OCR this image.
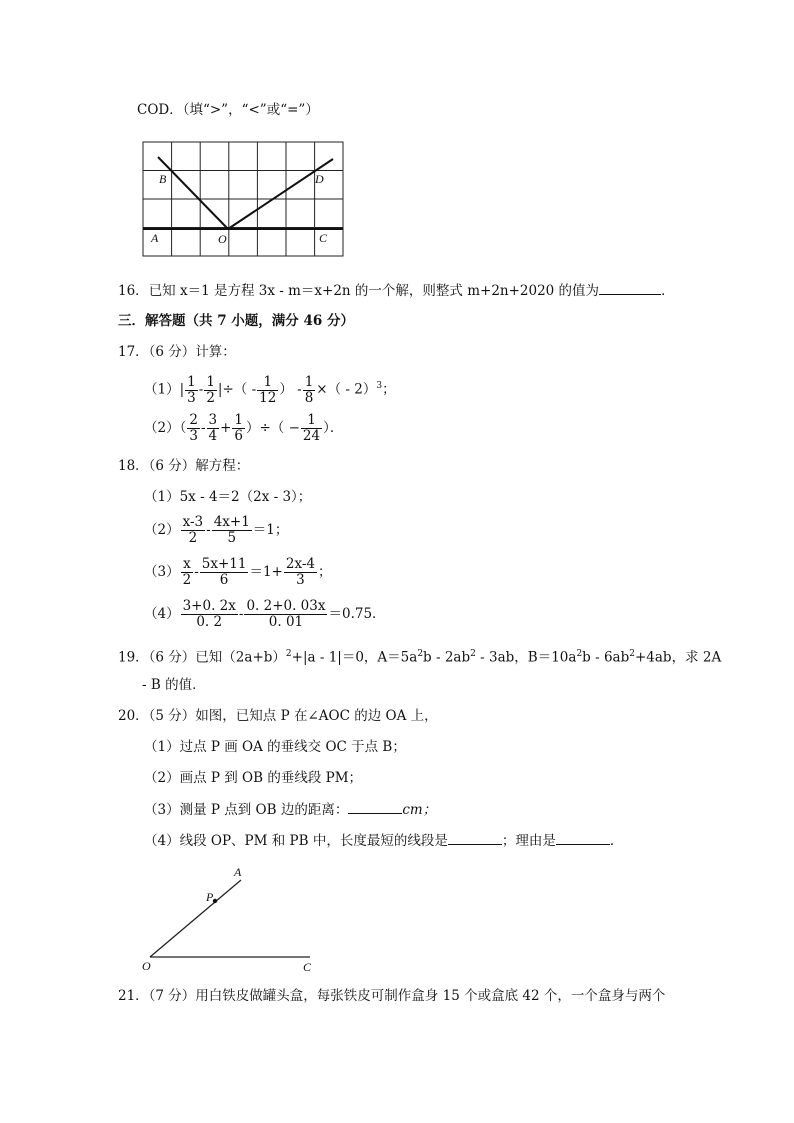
COD．（填“>”，“<”或“=”）
B	D
A	O	C
16．已知 x＝1 是方程 3x - m＝x+2n 的一个解，则整式 m+2n+2020 的值为	．
三．解答题（共 7 小题，满分 46 分）
17．（6 分）计算：
$(1)| \frac{1}{3} - \frac{1}{2}$ |÷（ - $\frac{1}{12}$ ） - $\frac{1}{8}$ ×（ - 2）$^3$；
$(2)( \frac{2}{3} - \frac{3}{4} + \frac{1}{6}$ ）÷（ − $\frac{1}{24}$ ）．
18．（6 分）解方程：
（1）5x - 4＝2（2x - 3）；
$(2) \frac{x-3}{2} - \frac{4x+1}{5} =1$；
$(3) \frac{x}{2} - \frac{5x+11}{6} =1+ \frac{2x-4}{3}$ ；
$(4) \frac{3+0. 2x}{0. 2} - \frac{0. 2+0. 03x}{0. 01} =0.75$．
19．（6 分）已知$(2a+b)^2+|a - 1|=0$，$A=5a^2b - 2ab^2 - 3ab$，$B=10a^2b - 6ab^2+4ab$，求 2A
- B 的值．
20．（5 分）如图，已知点 P 在∠AOC 的边 OA 上，
（1）过点 P 画 OA 的垂线交 OC 于点 B；
（2）画点 P 到 OB 的垂线段 PM；
（3）测量 P 点到 OB 边的距离：	cm；
（4）线段 OP、PM 和 PB 中，长度最短的线段是	；理由是	．
A
P
O	C
21．（7 分）用白铁皮做罐头盒，每张铁皮可制作盒身 15 个或盒底 42 个，一个盒身与两个
